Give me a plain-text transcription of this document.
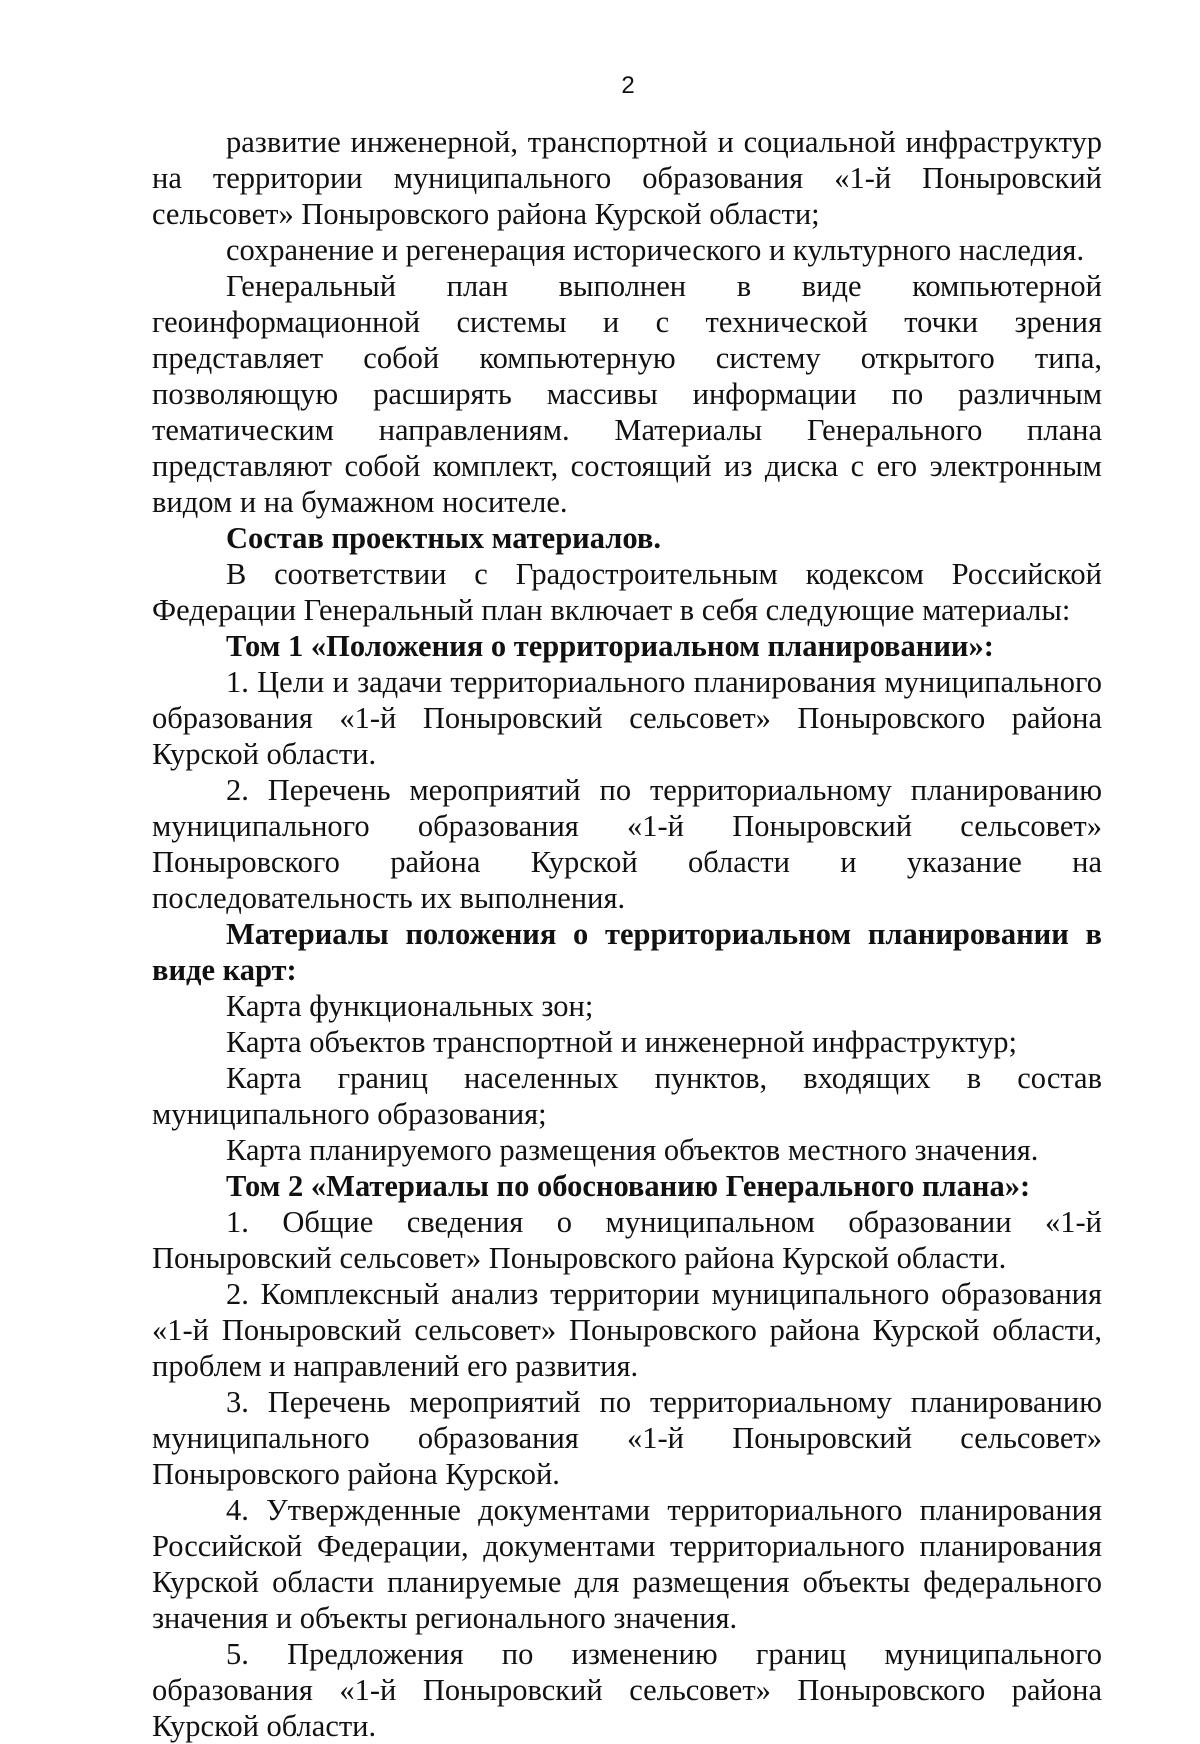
2

развитие инженерной, транспортной и социальной инфраструктур на территории муниципального образования «1-й Поныровский сельсовет» Поныровского района Курской области;

сохранение и регенерация исторического и культурного наследия.

Генеральный план выполнен в виде компьютерной геоинформационной системы и с технической точки зрения представляет собой компьютерную систему открытого типа, позволяющую расширять массивы информации по различным тематическим направлениям. Материалы Генерального плана представляют собой комплект, состоящий из диска с его электронным видом и на бумажном носителе.

Состав проектных материалов.

В соответствии с Градостроительным кодексом Российской Федерации Генеральный план включает в себя следующие материалы:

Том 1 «Положения о территориальном планировании»:

1. Цели и задачи территориального планирования муниципального образования «1-й Поныровский сельсовет» Поныровского района Курской области.

2. Перечень мероприятий по территориальному планированию муниципального образования «1-й Поныровский сельсовет» Поныровского района Курской области и указание на последовательность их выполнения.

Материалы положения о территориальном планировании в виде карт:

Карта функциональных зон;

Карта объектов транспортной и инженерной инфраструктур;

Карта границ населенных пунктов, входящих в состав муниципального образования;

Карта планируемого размещения объектов местного значения.

Том 2 «Материалы по обоснованию Генерального плана»:

1. Общие сведения о муниципальном образовании «1-й Поныровский сельсовет» Поныровского района Курской области.

2. Комплексный анализ территории муниципального образования «1-й Поныровский сельсовет» Поныровского района Курской области, проблем и направлений его развития.

3. Перечень мероприятий по территориальному планированию муниципального образования «1-й Поныровский сельсовет» Поныровского района Курской.

4. Утвержденные документами территориального планирования Российской Федерации, документами территориального планирования Курской области планируемые для размещения объекты федерального значения и объекты регионального значения.

5. Предложения по изменению границ муниципального образования «1-й Поныровский сельсовет» Поныровского района Курской области.
